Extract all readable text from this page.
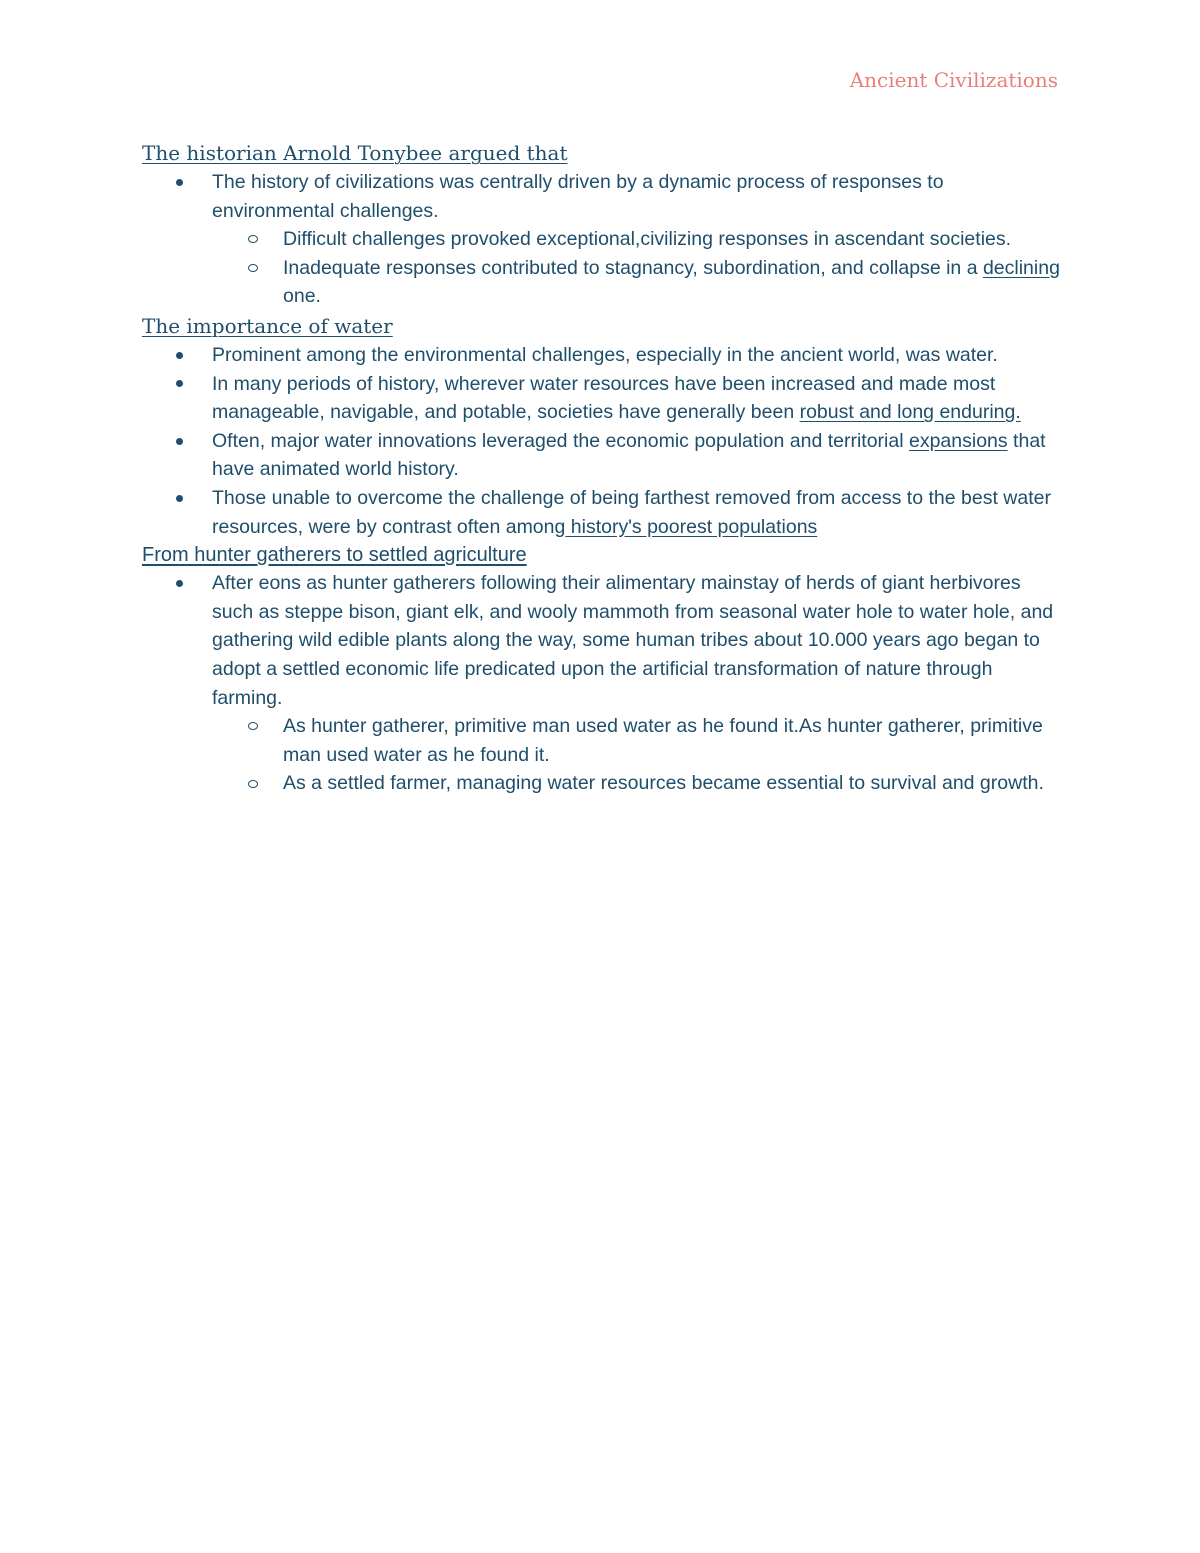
Ancient Civilizations
The historian Arnold Tonybee argued that
The history of civilizations was centrally driven by a dynamic process of responses to environmental challenges.
Difficult challenges provoked exceptional,civilizing responses in ascendant societies.
Inadequate responses contributed to stagnancy, subordination, and collapse in a declining one.
The importance of water
Prominent among the environmental challenges, especially in the ancient world, was water.
In many periods of history, wherever water resources have been increased and made most manageable, navigable, and potable, societies have generally been robust and long enduring.
Often, major water innovations leveraged the economic population and territorial expansions that have animated world history.
Those unable to overcome the challenge of being farthest removed from access to the best water resources, were by contrast often among history's poorest populations
From hunter gatherers to settled agriculture
After eons as hunter gatherers following their alimentary mainstay of herds of giant herbivores such as steppe bison, giant elk, and wooly mammoth from seasonal water hole to water hole, and gathering wild edible plants along the way, some human tribes about 10.000 years ago began to adopt a settled economic life predicated upon the artificial transformation of nature through farming.
As hunter gatherer, primitive man used water as he found it.As hunter gatherer, primitive man used water as he found it.
As a settled farmer, managing water resources became essential to survival and growth.
